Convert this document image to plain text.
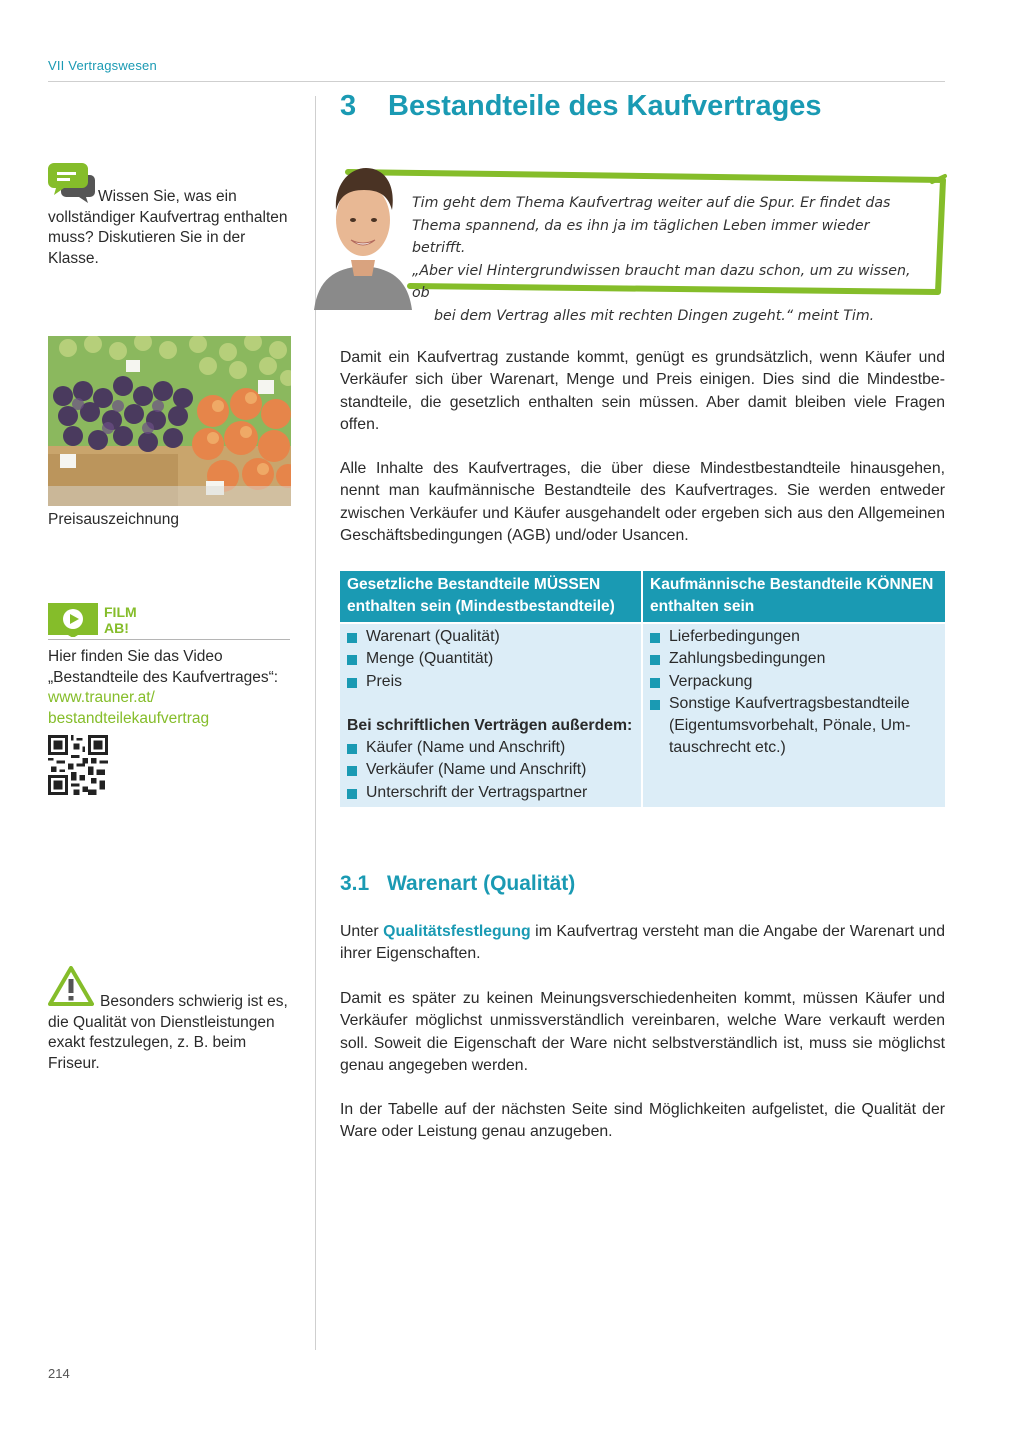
VII Vertragswesen
3 Bestandteile des Kaufvertrages
Wissen Sie, was ein vollständiger Kaufvertrag enthalten muss? Diskutieren Sie in der Klasse.
Preisauszeichnung
FILM
AB!
Hier finden Sie das Video „Bestandteile des Kaufvertrages“:
www.trauner.at/
bestandteilekaufvertrag
Besonders schwierig ist es, die Qualität von Dienstleistungen exakt festzulegen, z. B. beim Friseur.
Tim geht dem Thema Kaufvertrag weiter auf die Spur. Er findet das
Thema spannend, da es ihn ja im täglichen Leben immer wieder betrifft.
„Aber viel Hintergrundwissen braucht man dazu schon, um zu wissen, ob
bei dem Vertrag alles mit rechten Dingen zugeht.“ meint Tim.
Damit ein Kaufvertrag zustande kommt, genügt es grundsätzlich, wenn Käufer und Verkäufer sich über Warenart, Menge und Preis einigen. Dies sind die Mindestbestandteile, die gesetzlich enthalten sein müssen. Aber damit bleiben viele Fragen offen.
Alle Inhalte des Kaufvertrages, die über diese Mindestbestandteile hinausgehen, nennt man kaufmännische Bestandteile des Kaufvertrages. Sie werden entweder zwischen Verkäufer und Käufer ausgehandelt oder ergeben sich aus den Allgemeinen Geschäftsbedingungen (AGB) und/oder Usancen.
Gesetzliche Bestandteile MÜSSEN enthalten sein (Mindestbestandteile)
Kaufmännische Bestandteile KÖNNEN enthalten sein
Warenart (Qualität)
Menge (Quantität)
Preis
Bei schriftlichen Verträgen außerdem:
Käufer (Name und Anschrift)
Verkäufer (Name und Anschrift)
Unterschrift der Vertragspartner
Lieferbedingungen
Zahlungsbedingungen
Verpackung
Sonstige Kaufvertragsbestandteile (Eigentumsvorbehalt, Pönale, Umtauschrecht etc.)
3.1 Warenart (Qualität)
Unter Qualitätsfestlegung im Kaufvertrag versteht man die Angabe der Warenart und ihrer Eigenschaften.
Damit es später zu keinen Meinungsverschiedenheiten kommt, müssen Käufer und Verkäufer möglichst unmissverständlich vereinbaren, welche Ware verkauft werden soll. Soweit die Eigenschaft der Ware nicht selbstverständlich ist, muss sie möglichst genau angegeben werden.
In der Tabelle auf der nächsten Seite sind Möglichkeiten aufgelistet, die Qualität der Ware oder Leistung genau anzugeben.
214
